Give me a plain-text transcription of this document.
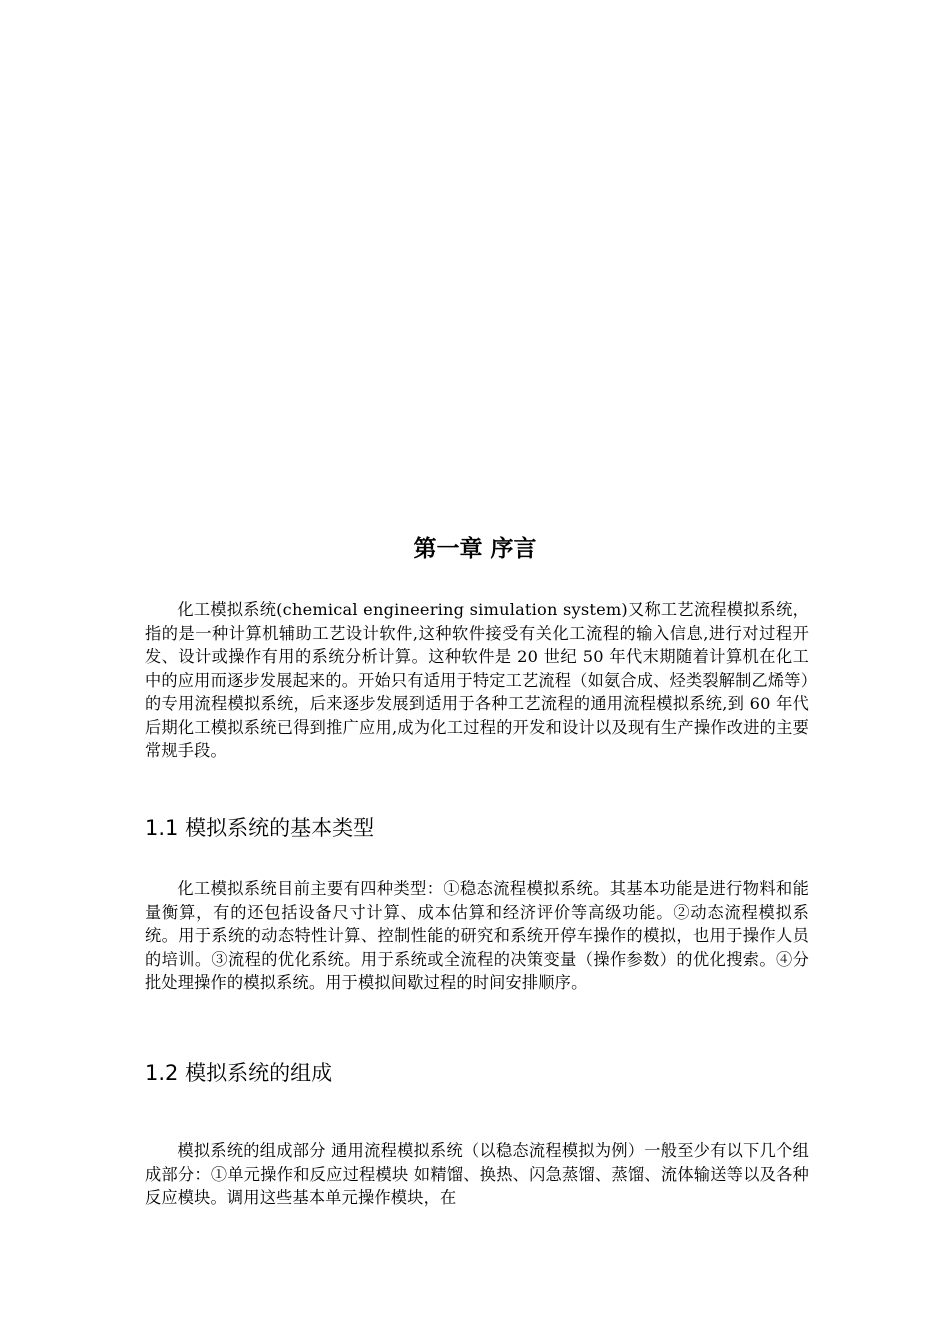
第一章 序言

化工模拟系统(chemical engineering simulation system)又称工艺流程模拟系统，指的是一种计算机辅助工艺设计软件,这种软件接受有关化工流程的输入信息,进行对过程开发、设计或操作有用的系统分析计算。这种软件是 20 世纪 50 年代末期随着计算机在化工中的应用而逐步发展起来的。开始只有适用于特定工艺流程（如氨合成、烃类裂解制乙烯等）的专用流程模拟系统，后来逐步发展到适用于各种工艺流程的通用流程模拟系统,到 60 年代后期化工模拟系统已得到推广应用,成为化工过程的开发和设计以及现有生产操作改进的主要常规手段。

1.1 模拟系统的基本类型

化工模拟系统目前主要有四种类型：①稳态流程模拟系统。其基本功能是进行物料和能量衡算，有的还包括设备尺寸计算、成本估算和经济评价等高级功能。②动态流程模拟系统。用于系统的动态特性计算、控制性能的研究和系统开停车操作的模拟，也用于操作人员的培训。③流程的优化系统。用于系统或全流程的决策变量（操作参数）的优化搜索。④分批处理操作的模拟系统。用于模拟间歇过程的时间安排顺序。

1.2 模拟系统的组成

模拟系统的组成部分 通用流程模拟系统（以稳态流程模拟为例）一般至少有以下几个组成部分：①单元操作和反应过程模块 如精馏、换热、闪急蒸馏、蒸馏、流体输送等以及各种反应模块。调用这些基本单元操作模块，在
